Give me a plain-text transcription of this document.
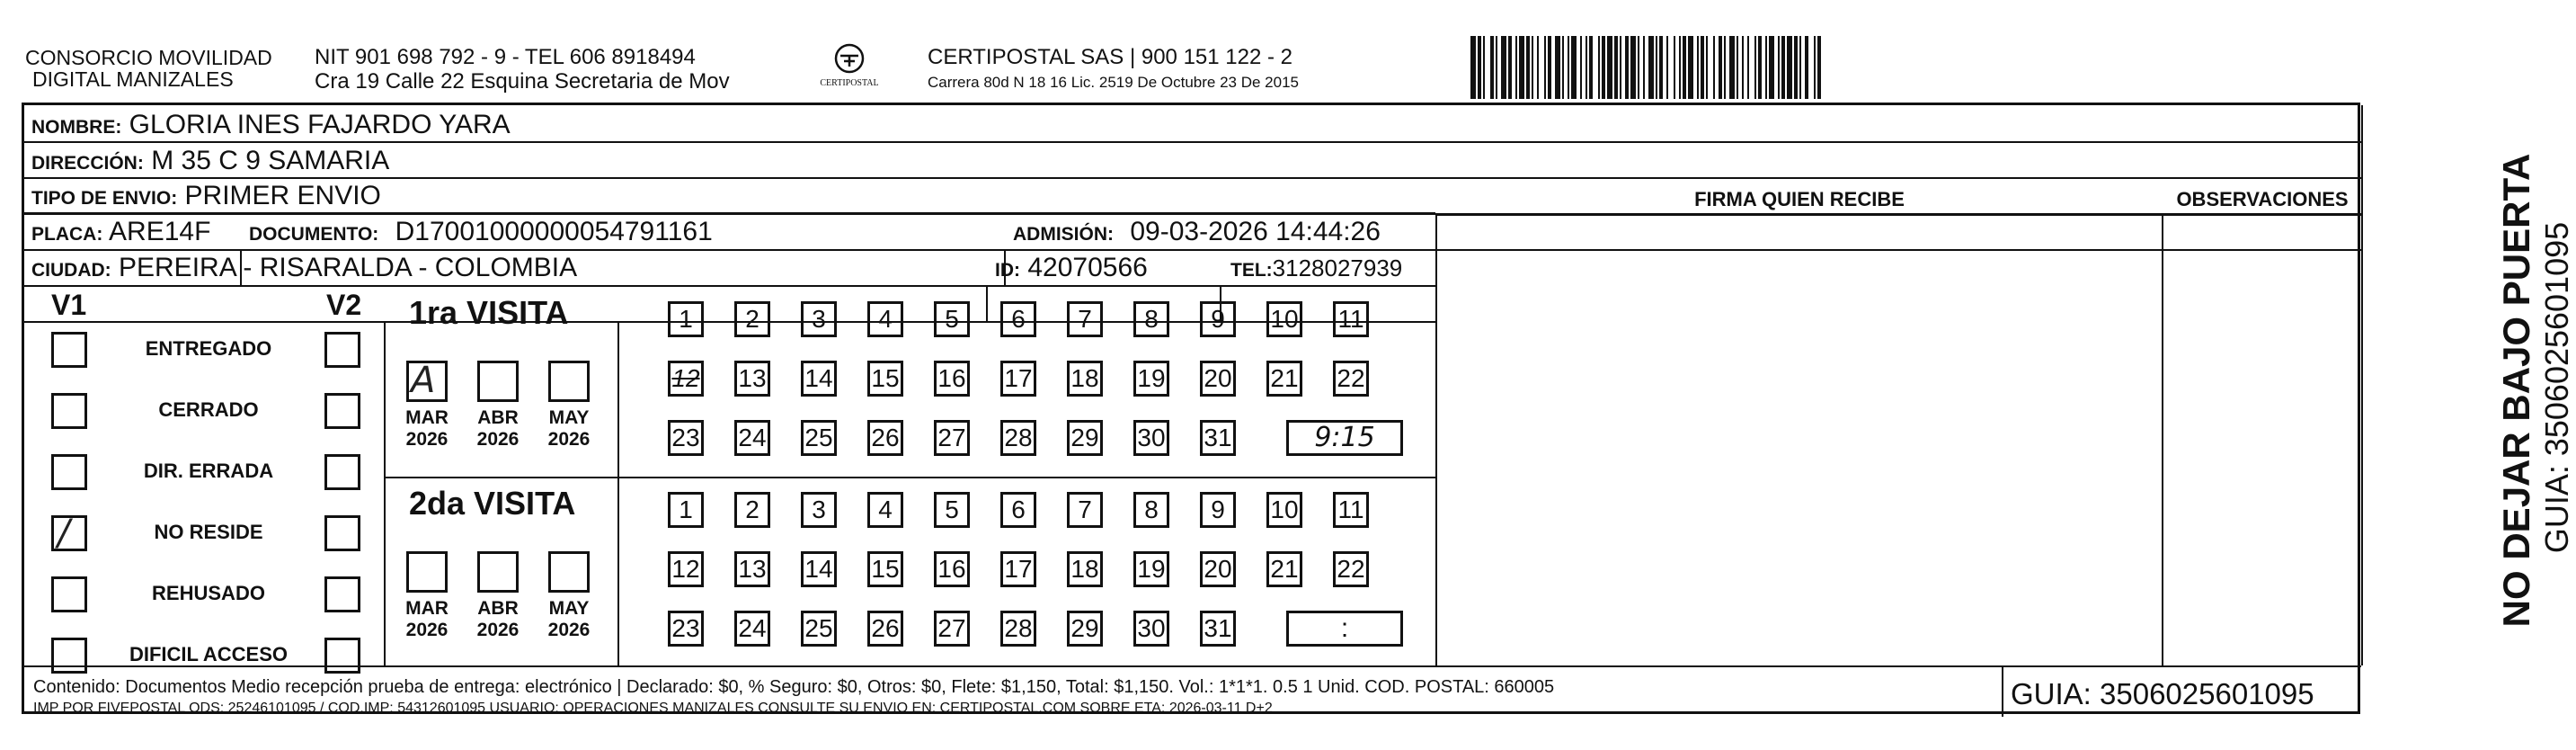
CONSORCIO MOVILIDAD
DIGITAL MANIZALES
NIT 901 698 792 - 9 - TEL 606 8918494
Cra 19 Calle 22 Esquina Secretaria de Mov	CERTIPOSTAL
CERTIPOSTAL SAS | 900 151 122 - 2
Carrera 80d N 18 16 Lic. 2519 De Octubre 23 De 2015
NOMBRE: GLORIA INES FAJARDO YARA
DIRECCIÓN: M 35 C 9 SAMARIA
TIPO DE ENVIO: PRIMER ENVIO
PLACA: ARE14F DOCUMENTO: D17001000000054791161	ADMISIÓN: 09-03-2026 14:44:26
CIUDAD: PEREIRA - RISARALDA - COLOMBIA	ID: 42070566	TEL:3128027939
FIRMA QUIEN RECIBE	OBSERVACIONES
V1	V2
ENTREGADO
CERRADO
DIR. ERRADA
/	NO RESIDE
REHUSADO
DIFICIL ACCESO
1ra VISITA
A
MAR
2026
ABR
2026
MAY
2026
2da VISITA
MAR
2026
ABR
2026
MAY
2026
1	2	3	4	5	6	7	8	9	10 11
12 13 14 15 16 17 18 19 20 21 22
23 24 25 26 27 28 29 30 31	9:15
1	2	3	4	5	6	7	8	9	10 11
12 13 14 15 16 17 18 19 20 21 22
23 24 25 26 27 28 29 30 31	:
Contenido: Documentos Medio recepción prueba de entrega: electrónico | Declarado: $0, % Seguro: $0, Otros: $0, Flete: $1,150, Total: $1,150. Vol.: 1*1*1. 0.5 1 Unid. COD. POSTAL: 660005
IMP POR FIVEPOSTAL ODS: 25246101095 / COD.IMP: 54312601095 USUARIO: OPERACIONES MANIZALES CONSULTE SU ENVIO EN: CERTIPOSTAL.COM SOBRE ETA: 2026-03-11 D+2	GUIA: 3506025601095
NO DEJAR BAJO PUERTA GUIA: 3506025601095
